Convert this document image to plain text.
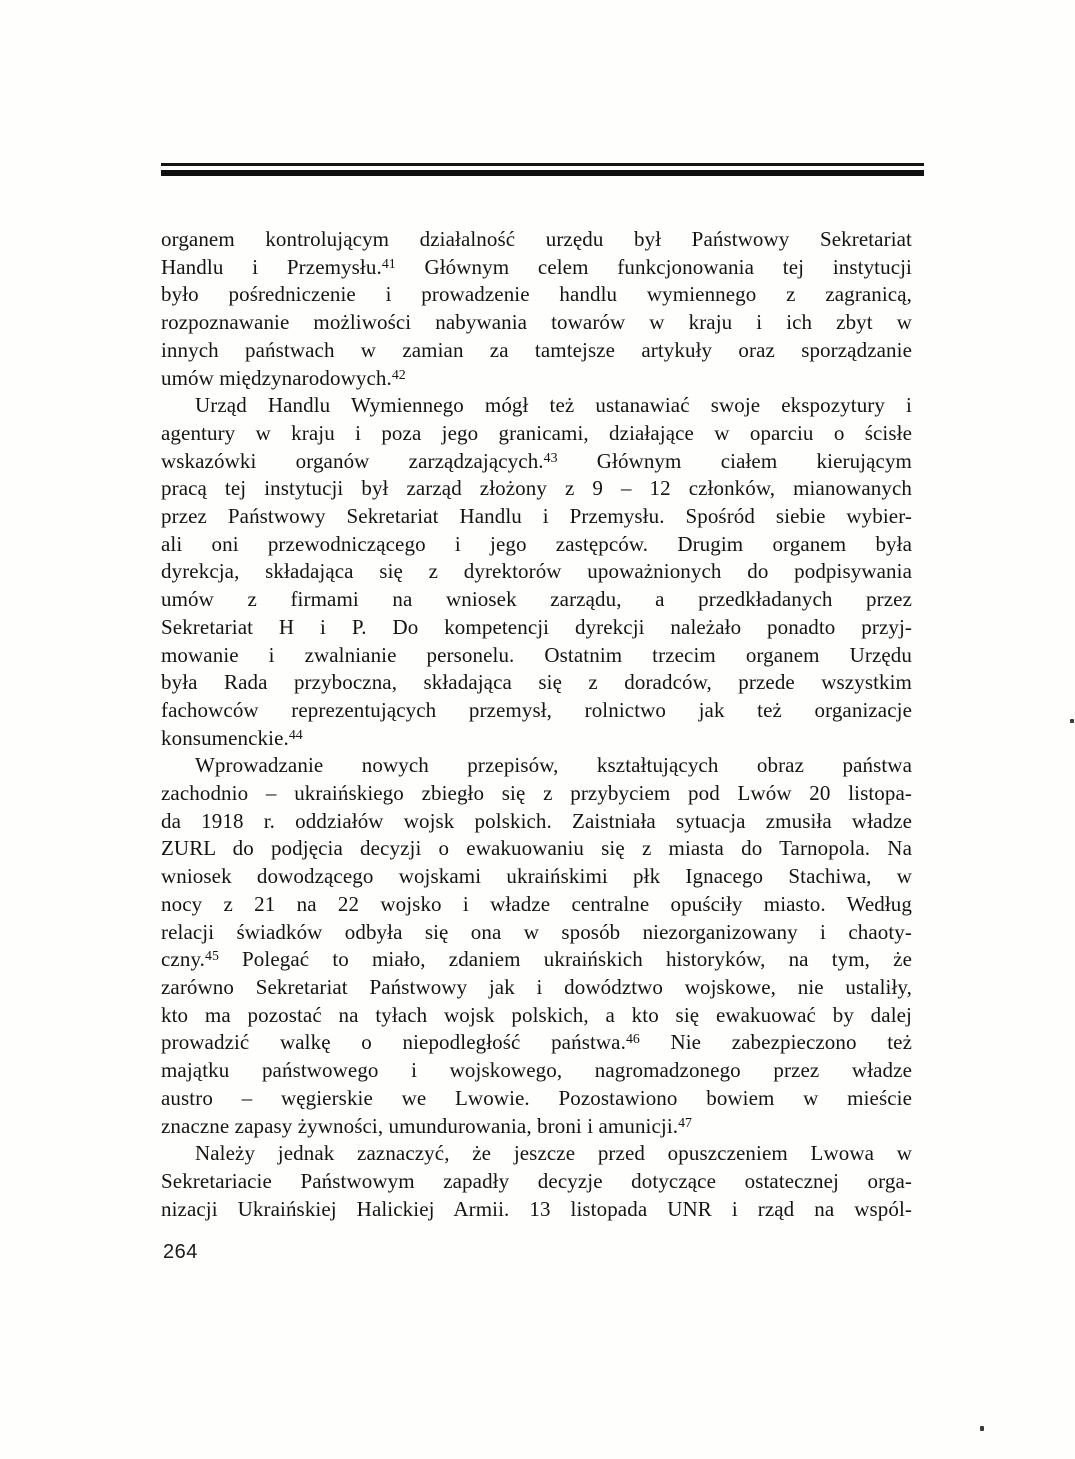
organem kontrolującym działalność urzędu był Państwowy Sekretariat
Handlu i Przemysłu.$^{41}$ Głównym celem funkcjonowania tej instytucji
było pośredniczenie i prowadzenie handlu wymiennego z zagranicą,
rozpoznawanie możliwości nabywania towarów w kraju i ich zbyt w
innych państwach w zamian za tamtejsze artykuły oraz sporządzanie
umów międzynarodowych.$^{42}$

Urząd Handlu Wymiennego mógł też ustanawiać swoje ekspozytury i
agentury w kraju i poza jego granicami, działające w oparciu o ścisłe
wskazówki organów zarządzających.$^{43}$ Głównym ciałem kierującym
pracą tej instytucji był zarząd złożony z 9 – 12 członków, mianowanych
przez Państwowy Sekretariat Handlu i Przemysłu. Spośród siebie wybier-
ali oni przewodniczącego i jego zastępców. Drugim organem była
dyrekcja, składająca się z dyrektorów upoważnionych do podpisywania
umów z firmami na wniosek zarządu, a przedkładanych przez
Sekretariat H i P. Do kompetencji dyrekcji należało ponadto przyj-
mowanie i zwalnianie personelu. Ostatnim trzecim organem Urzędu
była Rada przyboczna, składająca się z doradców, przede wszystkim
fachowców reprezentujących przemysł, rolnictwo jak też organizacje
konsumenckie.$^{44}$

Wprowadzanie nowych przepisów, kształtujących obraz państwa
zachodnio – ukraińskiego zbiegło się z przybyciem pod Lwów 20 listopa-
da 1918 r. oddziałów wojsk polskich. Zaistniała sytuacja zmusiła władze
ZURL do podjęcia decyzji o ewakuowaniu się z miasta do Tarnopola. Na
wniosek dowodzącego wojskami ukraińskimi płk Ignacego Stachiwa, w
nocy z 21 na 22 wojsko i władze centralne opuściły miasto. Według
relacji świadków odbyła się ona w sposób niezorganizowany i chaoty-
czny.$^{45}$ Polegać to miało, zdaniem ukraińskich historyków, na tym, że
zarówno Sekretariat Państwowy jak i dowództwo wojskowe, nie ustaliły,
kto ma pozostać na tyłach wojsk polskich, a kto się ewakuować by dalej
prowadzić walkę o niepodległość państwa.$^{46}$ Nie zabezpieczono też
majątku państwowego i wojskowego, nagromadzonego przez władze
austro – węgierskie we Lwowie. Pozostawiono bowiem w mieście
znaczne zapasy żywności, umundurowania, broni i amunicji.$^{47}$

Należy jednak zaznaczyć, że jeszcze przed opuszczeniem Lwowa w
Sekretariacie Państwowym zapadły decyzje dotyczące ostatecznej orga-
nizacji Ukraińskiej Halickiej Armii. 13 listopada UNR i rząd na wspól-

264
